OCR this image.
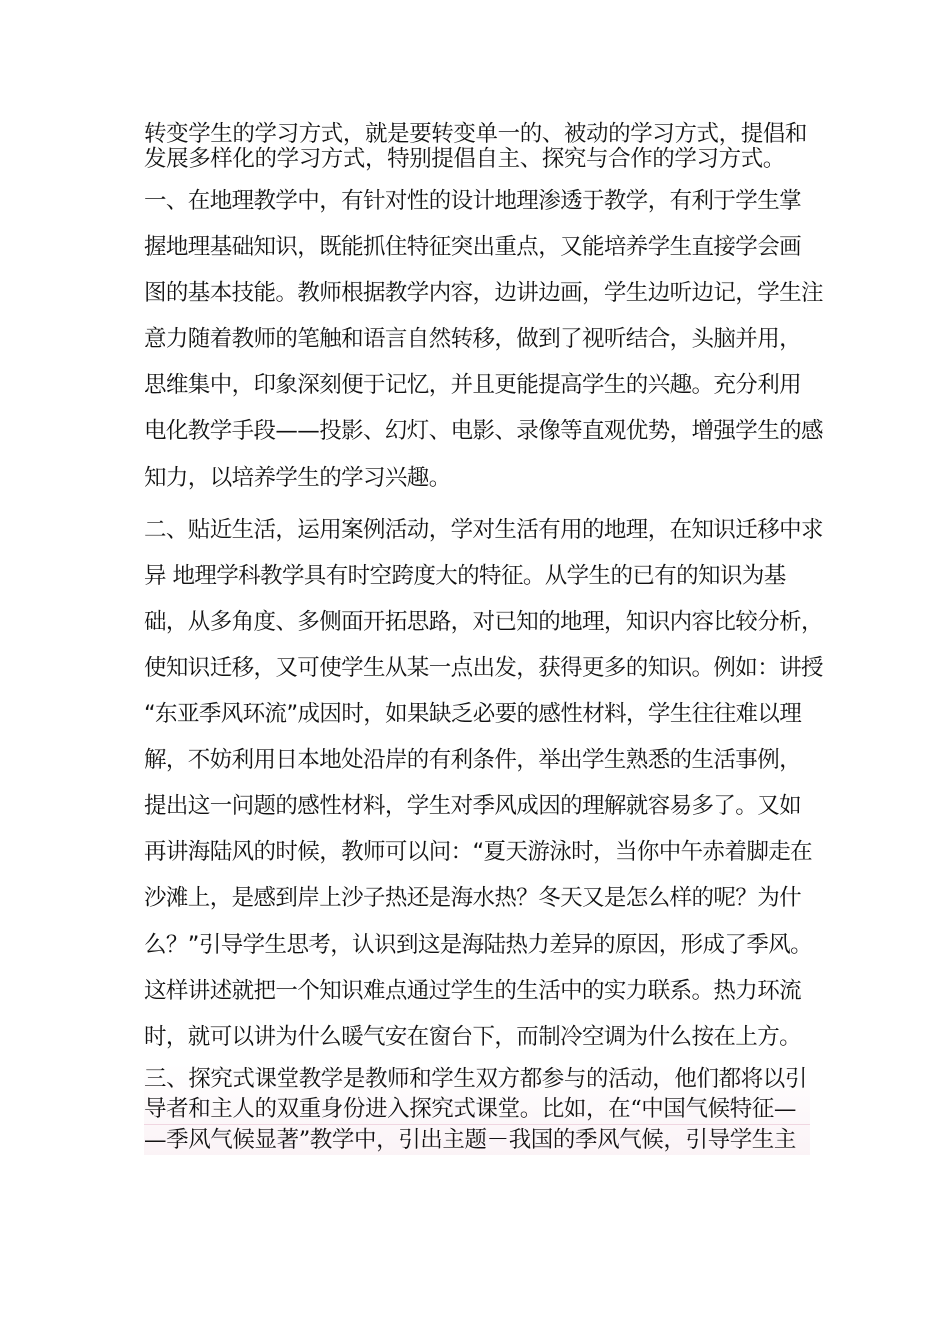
转变学生的学习方式，就是要转变单一的、被动的学习方式，提倡和
发展多样化的学习方式，特别提倡自主、探究与合作的学习方式。
一、在地理教学中，有针对性的设计地理渗透于教学，有利于学生掌
握地理基础知识，既能抓住特征突出重点，又能培养学生直接学会画
图的基本技能。教师根据教学内容，边讲边画，学生边听边记，学生注
意力随着教师的笔触和语言自然转移，做到了视听结合，头脑并用，
思维集中，印象深刻便于记忆，并且更能提高学生的兴趣。充分利用
电化教学手段——投影、幻灯、电影、录像等直观优势，增强学生的感
知力，以培养学生的学习兴趣。
二、贴近生活，运用案例活动，学对生活有用的地理，在知识迁移中求
异 地理学科教学具有时空跨度大的特征。从学生的已有的知识为基
础，从多角度、多侧面开拓思路，对已知的地理，知识内容比较分析，
使知识迁移，又可使学生从某一点出发，获得更多的知识。例如：讲授
“东亚季风环流”成因时，如果缺乏必要的感性材料，学生往往难以理
解，不妨利用日本地处沿岸的有利条件，举出学生熟悉的生活事例，
提出这一问题的感性材料，学生对季风成因的理解就容易多了。又如
再讲海陆风的时候，教师可以问：“夏天游泳时，当你中午赤着脚走在
沙滩上，是感到岸上沙子热还是海水热？冬天又是怎么样的呢？为什
么？”引导学生思考，认识到这是海陆热力差异的原因，形成了季风。
这样讲述就把一个知识难点通过学生的生活中的实力联系。热力环流
时，就可以讲为什么暖气安在窗台下，而制冷空调为什么按在上方。
三、探究式课堂教学是教师和学生双方都参与的活动，他们都将以引
导者和主人的双重身份进入探究式课堂。比如，在“中国气候特征—
—季风气候显著”教学中，引出主题－我国的季风气候，引导学生主
